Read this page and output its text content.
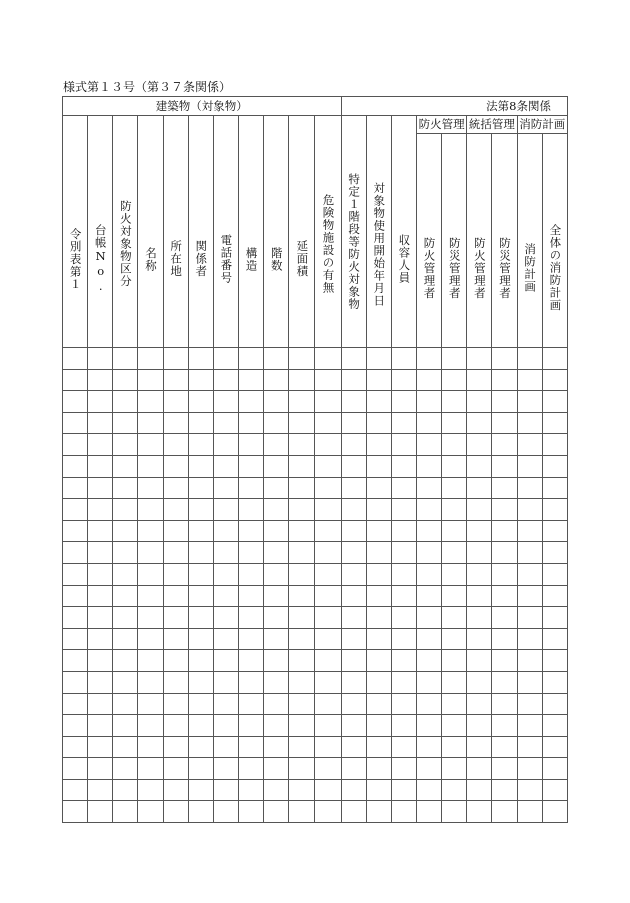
様式第１３号（第３７条関係）
建築物（対象物）											法第8条関係								
令別表第１	台帳No.	防火対象物区分	名称	所在地	関係者	電話番号	構造	階数	延面積	危険物施設の有無	特定１階段等防火対象物	対象物使用開始年月日	収容人員	防火管理		統括管理		消防計画	
														防火管理者	防災管理者	防火管理者	防災管理者	消防計画	全体の消防計画
